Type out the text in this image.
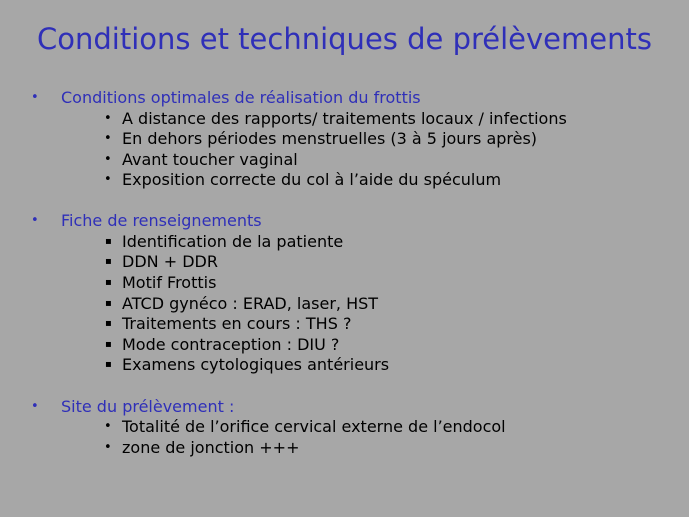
Conditions et techniques de prélèvements
• Conditions optimales de réalisation du frottis
• A distance des rapports/ traitements locaux / infections
• En dehors périodes menstruelles (3 à 5 jours après)
• Avant toucher vaginal
• Exposition correcte du col à l’aide du spéculum
• Fiche de renseignements
▪ Identification de la patiente
▪ DDN + DDR
▪ Motif Frottis
▪ ATCD gynéco : ERAD, laser, HST
▪ Traitements en cours : THS ?
▪ Mode contraception : DIU ?
▪ Examens cytologiques antérieurs
• Site du prélèvement :
• Totalité de l’orifice cervical externe de l’endocol
• zone de jonction +++
